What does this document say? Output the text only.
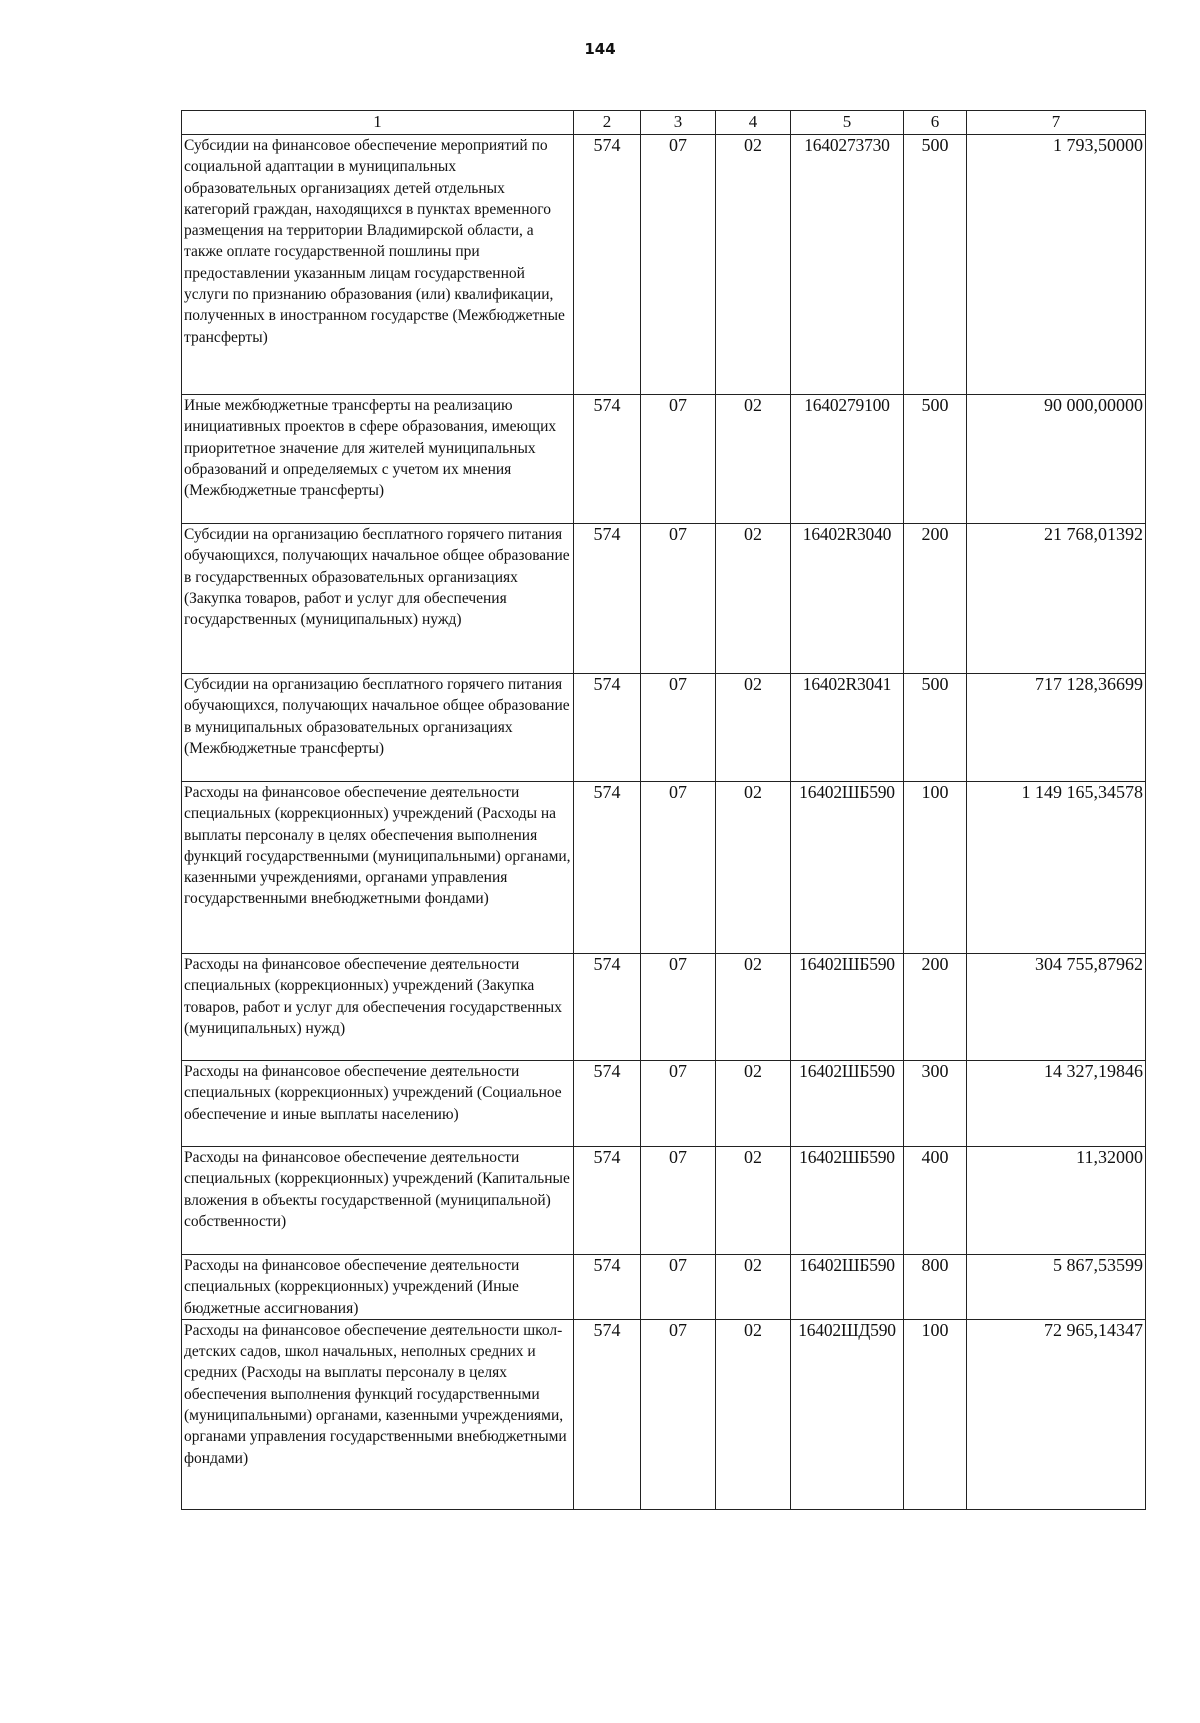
144
1	2	3	4	5	6	7
Субсидии на финансовое обеспечение мероприятий по социальной адаптации в муниципальных образовательных организациях детей отдельных категорий граждан, находящихся в пунктах временного размещения на территории Владимирской области, а также оплате государственной пошлины при предоставлении указанным лицам государственной услуги по признанию образования (или) квалификации, полученных в иностранном государстве (Межбюджетные трансферты)	574	07	02	1640273730	500	1 793,50000
Иные межбюджетные трансферты на реализацию инициативных проектов в сфере образования, имеющих приоритетное значение для жителей муниципальных образований и определяемых с учетом их мнения (Межбюджетные трансферты)	574	07	02	1640279100	500	90 000,00000
Субсидии на организацию бесплатного горячего питания обучающихся, получающих начальное общее образование в государственных образовательных организациях (Закупка товаров, работ и услуг для обеспечения государственных (муниципальных) нужд)	574	07	02	16402R3040	200	21 768,01392
Субсидии на организацию бесплатного горячего питания обучающихся, получающих начальное общее образование в муниципальных образовательных организациях (Межбюджетные трансферты)	574	07	02	16402R3041	500	717 128,36699
Расходы на финансовое обеспечение деятельности специальных (коррекционных) учреждений (Расходы на выплаты персоналу в целях обеспечения выполнения функций государственными (муниципальными) органами, казенными учреждениями, органами управления государственными внебюджетными фондами)	574	07	02	16402ШБ590	100	1 149 165,34578
Расходы на финансовое обеспечение деятельности специальных (коррекционных) учреждений (Закупка товаров, работ и услуг для обеспечения государственных (муниципальных) нужд)	574	07	02	16402ШБ590	200	304 755,87962
Расходы на финансовое обеспечение деятельности специальных (коррекционных) учреждений (Социальное обеспечение и иные выплаты населению)	574	07	02	16402ШБ590	300	14 327,19846
Расходы на финансовое обеспечение деятельности специальных (коррекционных) учреждений (Капитальные вложения в объекты государственной (муниципальной) собственности)	574	07	02	16402ШБ590	400	11,32000
Расходы на финансовое обеспечение деятельности специальных (коррекционных) учреждений (Иные бюджетные ассигнования)	574	07	02	16402ШБ590	800	5 867,53599
Расходы на финансовое обеспечение деятельности школ-детских садов, школ начальных, неполных средних и средних (Расходы на выплаты персоналу в целях обеспечения выполнения функций государственными (муниципальными) органами, казенными учреждениями, органами управления государственными внебюджетными фондами)	574	07	02	16402ШД590	100	72 965,14347
